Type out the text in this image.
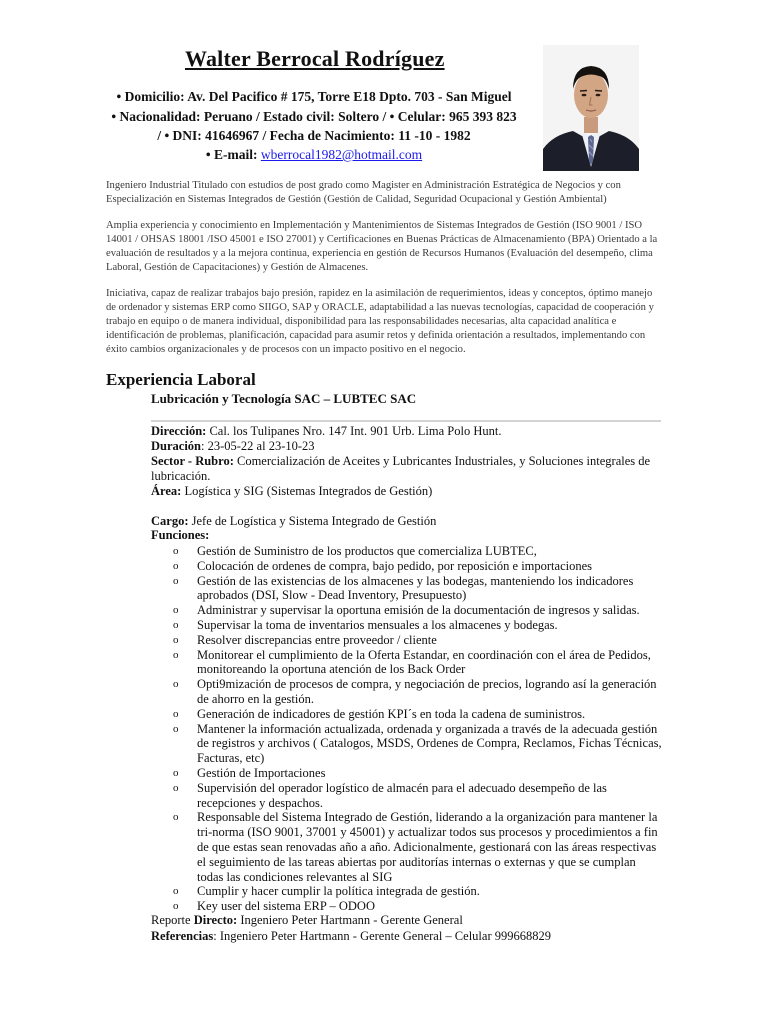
Walter Berrocal Rodríguez
• Domicilio: Av. Del Pacifico # 175, Torre E18 Dpto. 703 - San Miguel
• Nacionalidad: Peruano / Estado civil: Soltero / • Celular: 965 393 823
/ • DNI: 41646967 / Fecha de Nacimiento: 11 -10 - 1982
• E-mail: wberrocal1982@hotmail.com
Ingeniero Industrial Titulado con estudios de post grado como Magister en Administración Estratégica de Negocios y con Especialización en Sistemas Integrados de Gestión (Gestión de Calidad, Seguridad Ocupacional y Gestión Ambiental)
Amplia experiencia y conocimiento en Implementación y Mantenimientos de Sistemas Integrados de Gestión (ISO 9001 / ISO 14001 / OHSAS 18001 /ISO 45001 e ISO 27001) y Certificaciones en Buenas Prácticas de Almacenamiento (BPA) Orientado a la evaluación de resultados y a la mejora continua, experiencia en gestión de Recursos Humanos (Evaluación del desempeño, clima Laboral, Gestión de Capacitaciones) y Gestión de Almacenes.
Iniciativa, capaz de realizar trabajos bajo presión, rapidez en la asimilación de requerimientos, ideas y conceptos, óptimo manejo de ordenador y sistemas ERP como SIIGO, SAP y ORACLE, adaptabilidad a las nuevas tecnologías, capacidad de cooperación y trabajo en equipo o de manera individual, disponibilidad para las responsabilidades necesarias, alta capacidad analítica e identificación de problemas, planificación, capacidad para asumir retos y definida orientación a resultados, implementando con éxito cambios organizacionales y de procesos con un impacto positivo en el negocio.
Experiencia Laboral
Lubricación y Tecnología SAC – LUBTEC SAC
Dirección: Cal. los Tulipanes Nro. 147 Int. 901 Urb. Lima Polo Hunt.
Duración: 23-05-22 al 23-10-23
Sector - Rubro: Comercialización de Aceites y Lubricantes Industriales, y Soluciones integrales de lubricación.
Área: Logística y SIG (Sistemas Integrados de Gestión)
Cargo: Jefe de Logística y Sistema Integrado de Gestión
Funciones:
o Gestión de Suministro de los productos que comercializa LUBTEC,
o Colocación de ordenes de compra, bajo pedido, por reposición e importaciones
o Gestión de las existencias de los almacenes y las bodegas, manteniendo los indicadores aprobados (DSI, Slow - Dead Inventory, Presupuesto)
o Administrar y supervisar la oportuna emisión de la documentación de ingresos y salidas.
o Supervisar la toma de inventarios mensuales a los almacenes y bodegas.
o Resolver discrepancias entre proveedor / cliente
o Monitorear el cumplimiento de la Oferta Estandar, en coordinación con el área de Pedidos, monitoreando la oportuna atención de los Back Order
o Opti9mización de procesos de compra, y negociación de precios, logrando así la generación de ahorro en la gestión.
o Generación de indicadores de gestión KPI´s en toda la cadena de suministros.
o Mantener la información actualizada, ordenada y organizada a través de la adecuada gestión de registros y archivos ( Catalogos, MSDS, Ordenes de Compra, Reclamos, Fichas Técnicas, Facturas, etc)
o Gestión de Importaciones
o Supervisión del operador logístico de almacén para el adecuado desempeño de las recepciones y despachos.
o Responsable del Sistema Integrado de Gestión, liderando a la organización para mantener la tri-norma (ISO 9001, 37001 y 45001) y actualizar todos sus procesos y procedimientos a fin de que estas sean renovadas año a año. Adicionalmente, gestionará con las áreas respectivas el seguimiento de las tareas abiertas por auditorías internas o externas y que se cumplan todas las condiciones relevantes al SIG
o Cumplir y hacer cumplir la política integrada de gestión.
o Key user del sistema ERP – ODOO
Reporte Directo: Ingeniero Peter Hartmann - Gerente General
Referencias: Ingeniero Peter Hartmann - Gerente General – Celular 999668829
